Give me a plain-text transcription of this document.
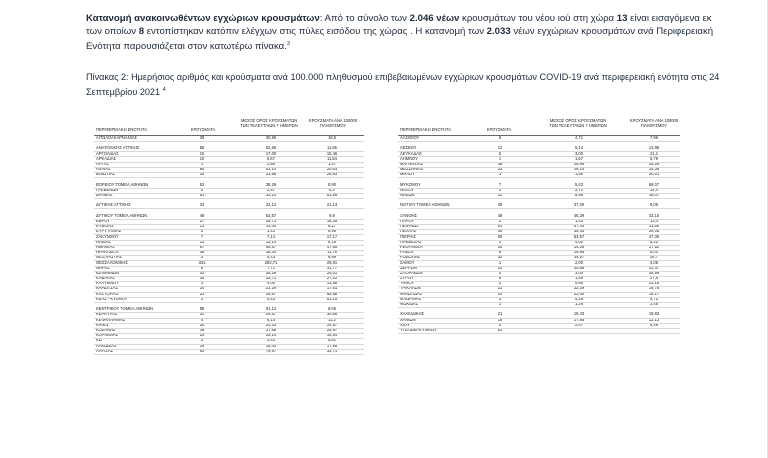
Κατανομή ανακοινωθέντων εγχώριων κρουσμάτων: Από το σύνολο των 2.046 νέων κρουσμάτων του νέου ιού στη χώρα 13 είναι εισαγόμενα εκ των οποίων 8 εντοπίστηκαν κατόπιν ελέγχων στις πύλες εισόδου της χώρας . Η κατανομή των 2.033 νέων εγχώριων κρουσμάτων ανά Περιφερειακή Ενότητα παρουσιάζεται στον κατωτέρω πίνακα.$^3$
Πίνακας 2: Ημερήσιος αριθμός και κρούσματα ανά 100.000 πληθυσμού επιβεβαιωμένων εγχώριων κρουσμάτων COVID-19 ανά περιφερειακή ενότητα στις 24 Σεπτεμβρίου 2021 $^4$
ΠΕΡΙΦΕΡΕΙΑΚΗ ΕΝΟΤΗΤΑ	ΚΡΟΥΣΜΑΤΑ
ΜΕΣΟΣ ΟΡΟΣ ΚΡΟΥΣΜΑΤΩΝ ΤΩΝ ΤΕΛΕΥΤΑΙΩΝ 7 ΗΜΕΡΩΝ
ΚΡΟΥΣΜΑΤΑ ΑΝΑ 100000 ΠΛΗΘΥΣΜΟΥ
ΑΙΤΩΛΟΑΚΑΡΝΑΝΙΑΣ
ΑΝΑΤΟΛΙΚΗΣ ΑΤΤΙΚΗΣ
ΑΡΓΟΛΙΔΑΣ
ΑΡΚΑΔΙΑΣ
ΑΡΤΑΣ
ΑΧΑΪΑΣ
ΒΟΙΩΤΙΑΣ
ΒΟΡΕΙΟΥ ΤΟΜΕΑ ΑΘΗΝΩΝ
ΓΡΕΒΕΝΩΝ
ΔΡΑΜΑΣ
ΔΥΤΙΚΗΣ ΑΤΤΙΚΗΣ
ΔΥΤΙΚΟΥ ΤΟΜΕΑ ΑΘΗΝΩΝ
ΕΒΡΟΥ
ΕΥΒΟΙΑΣ
ΕΥΡΥΤΑΝΙΑΣ
ΖΑΚΥΝΘΟΥ
ΗΛΕΙΑΣ
ΗΜΑΘΙΑΣ
ΗΡΑΚΛΕΙΟΥ
ΘΕΣΠΡΩΤΙΑΣ
ΘΕΣΣΑΛΟΝΙΚΗΣ
ΘΗΡΑΣ
ΙΩΑΝΝΙΝΩΝ
ΚΑΒΑΛΑΣ
ΚΑΛΥΜΝΟΥ
ΚΑΡΔΙΤΣΑΣ
ΚΑΣΤΟΡΙΑΣ
ΚΕΑΣ - ΚΥΘΝΟΥ
ΚΕΝΤΡΙΚΟΥ ΤΟΜΕΑ ΑΘΗΝΩΝ
ΚΕΡΚΥΡΑΣ
ΚΕΦΑΛΛΗΝΙΑΣ
ΚΙΛΚΙΣ
ΚΟΖΑΝΗΣ
ΚΟΡΙΝΘΙΑΣ
ΚΩ
ΛΑΚΩΝΙΑΣ
ΛΑΡΙΣΑΣ
39
58
15
10
1
64
34
53
2
51
34
48
27
13
2
7
13
67
36
3
331
6
42
34
3
20
23
2
88
32
4
20
39
24
2
16
93
30,86
52,86
17,00
6,57
2,86
51,14
23,86
38,29
2,57
33,14
22,14
53,57
26,71
14,00
1,43
7,14
13,14
56,57
38,43
5,43
283,71
7,71
28,29
33,71
4,00
22,29
26,57
0,43
91,14
25,57
6,14
22,43
37,86
25,14
2,43
15,43
79,57
18,5
11,55
15,46
11,54
1,47
20,63
28,83
8,90
6,3
51,85
21,13
9,8
18,25
6,17
9,96
17,17
8,16
47,65
11,78
6,99
29,81
31,77
25,01
27,22
13,68
17,61
65,58
51,14
8,55
30,66
11,2
24,87
25,97
16,54
5,81
17,95
32,71
ΠΕΡΙΦΕΡΕΙΑΚΗ ΕΝΟΤΗΤΑ	ΚΡΟΥΣΜΑΤΑ
ΜΕΣΟΣ ΟΡΟΣ ΚΡΟΥΣΜΑΤΩΝ ΤΩΝ ΤΕΛΕΥΤΑΙΩΝ 7 ΗΜΕΡΩΝ
ΚΡΟΥΣΜΑΤΑ ΑΝΑ 100000 ΠΛΗΘΥΣΜΟΥ
ΛΑΣΙΘΙΟΥ
ΛΕΣΒΟΥ
ΛΕΥΚΑΔΑΣ
ΛΗΜΝΟΥ
ΜΑΓΝΗΣΙΑΣ
ΜΕΣΣΗΝΙΑΣ
ΜΗΛΟΥ
ΜΥΚΟΝΟΥ
ΝΑΞΟΥ
ΝΗΣΩΝ
ΝΟΤΙΟΥ ΤΟΜΕΑ ΑΘΗΝΩΝ
ΞΑΝΘΗΣ
ΠΑΡΟΥ
ΠΕΙΡΑΙΩΣ
ΠΕΛΛΑΣ
ΠΙΕΡΙΑΣ
ΠΡΕΒΕΖΑΣ
ΡΕΘΥΜΝΟΥ
ΡΟΔΟΥ
ΡΟΔΟΠΗΣ
ΣΑΜΟΥ
ΣΕΡΡΩΝ
ΣΠΟΡΑΔΩΝ
ΣΥΡΟΥ
ΤΗΝΟΥ
ΤΡΙΚΑΛΩΝ
ΦΘΙΩΤΙΔΑΣ
ΦΛΩΡΙΝΑΣ
ΦΩΚΙΔΑΣ
ΧΑΛΚΙΔΙΚΗΣ
ΧΑΝΙΩΝ
ΧΙΟΥ
ΥΠΟ ΔΙΕΡΕΥΝΗΣΗ
6
12
5
1
48
23
3
7
3
12
48
48
2
51
40
60
3
15
9
32
1
22
4
6
2
22
24
3
1
21
19
4
81
4,71
5,14
3,00
1,57
26,86
28,14
1,86
5,43
2,71
8,86
37,00
46,29
1,43
47,43
35,43
53,57
4,00
14,29
19,86
34,57
2,00
30,86
3,00
1,86
0,86
22,29
22,00
5,29
1,29
15,43
17,86
2,67
7,96
13,88
21,1
5,79
25,26
14,38
30,21
69,07
14,4
16,07
9,06
43,16
13,4
11,36
29,35
47,36
5,22
17,52
8,03
26,7
3,08
12,47
28,99
27,9
23,16
16,78
15,17
5,72
2,48
19,83
12,13
6,49
